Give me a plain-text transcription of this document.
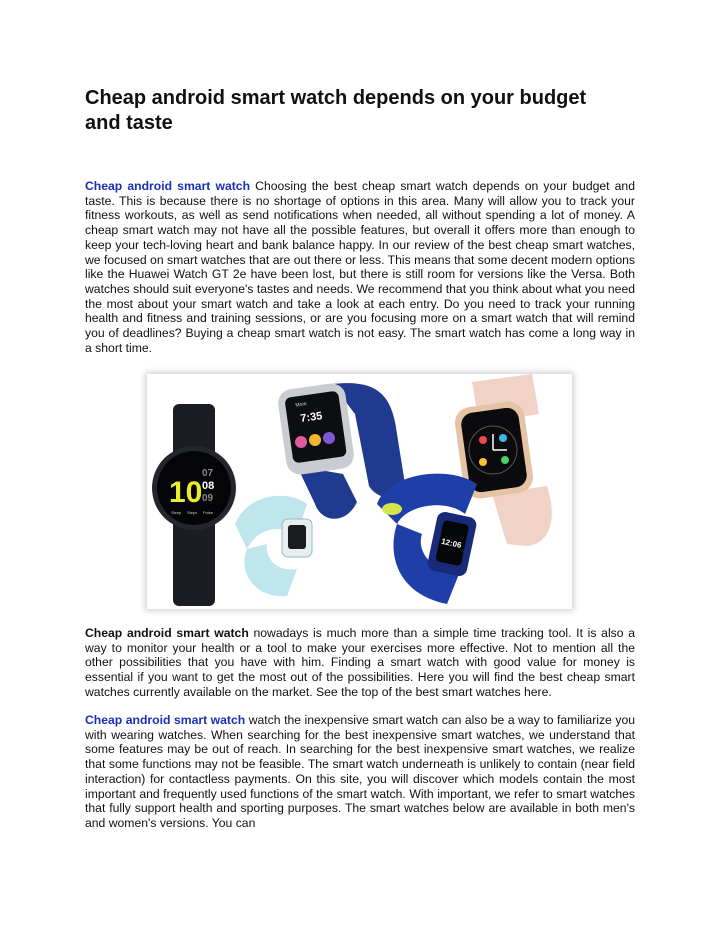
Cheap android smart watch depends on your budget and taste

Cheap android smart watch Choosing the best cheap smart watch depends on your budget and taste. This is because there is no shortage of options in this area. Many will allow you to track your fitness workouts, as well as send notifications when needed, all without spending a lot of money. A cheap smart watch may not have all the possible features, but overall it offers more than enough to keep your tech-loving heart and bank balance happy. In our review of the best cheap smart watches, we focused on smart watches that are out there or less. This means that some decent modern options like the Huawei Watch GT 2e have been lost, but there is still room for versions like the Versa. Both watches should suit everyone's tastes and needs. We recommend that you think about what you need the most about your smart watch and take a look at each entry. Do you need to track your running health and fitness and training sessions, or are you focusing more on a smart watch that will remind you of deadlines? Buying a cheap smart watch is not easy. The smart watch has come a long way in a short time.

10
07
08
09
Sleep Steps Pulse
7:35
Mom
12:06

Cheap android smart watch nowadays is much more than a simple time tracking tool. It is also a way to monitor your health or a tool to make your exercises more effective. Not to mention all the other possibilities that you have with him. Finding a smart watch with good value for money is essential if you want to get the most out of the possibilities. Here you will find the best cheap smart watches currently available on the market. See the top of the best smart watches here.

Cheap android smart watch watch the inexpensive smart watch can also be a way to familiarize you with wearing watches. When searching for the best inexpensive smart watches, we understand that some features may be out of reach. In searching for the best inexpensive smart watches, we realize that some functions may not be feasible. The smart watch underneath is unlikely to contain (near field interaction) for contactless payments. On this site, you will discover which models contain the most important and frequently used functions of the smart watch. With important, we refer to smart watches that fully support health and sporting purposes. The smart watches below are available in both men's and women's versions. You can
